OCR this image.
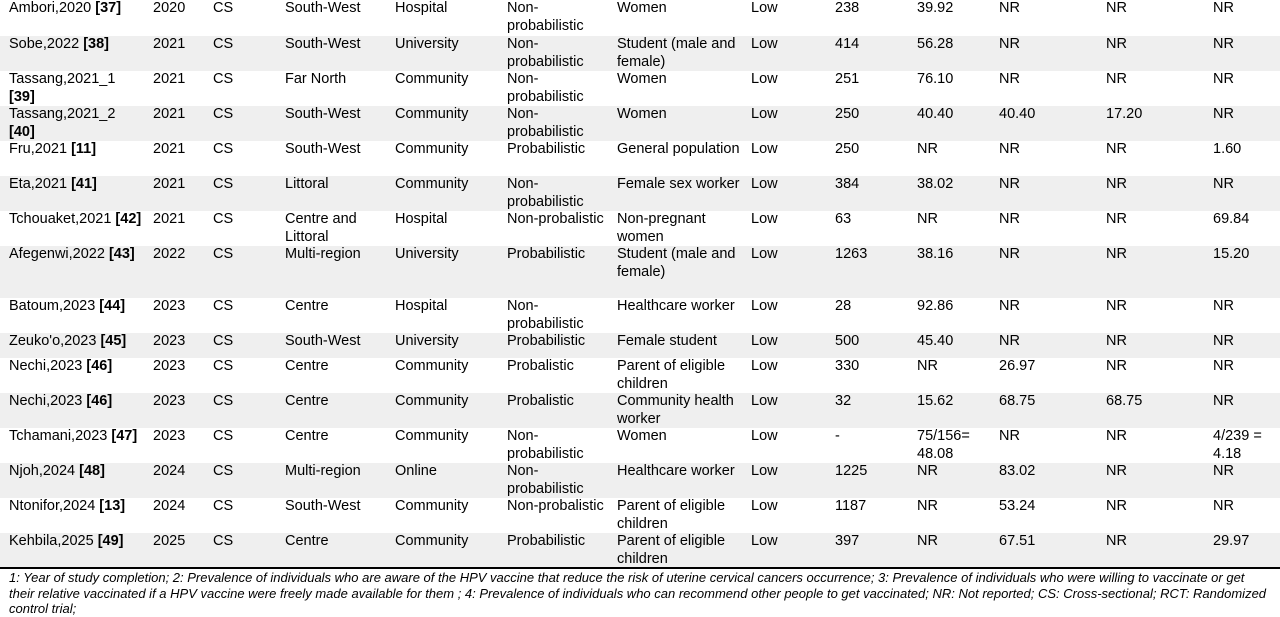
Ambori,2020 [37]	2020	CS	South-West	Hospital	Non-probabilistic	Women	Low	238	39.92	NR	NR	NR
Sobe,2022 [38]	2021	CS	South-West	University	Non-probabilistic	Student (male and female)	Low	414	56.28	NR	NR	NR
Tassang,2021_1 [39]	2021	CS	Far North	Community	Non-probabilistic	Women	Low	251	76.10	NR	NR	NR
Tassang,2021_2 [40]	2021	CS	South-West	Community	Non-probabilistic	Women	Low	250	40.40	40.40	17.20	NR
Fru,2021 [11]	2021	CS	South-West	Community	Probabilistic	General population	Low	250	NR	NR	NR	1.60
Eta,2021 [41]	2021	CS	Littoral	Community	Non-probabilistic	Female sex worker	Low	384	38.02	NR	NR	NR
Tchouaket,2021 [42]	2021	CS	Centre and Littoral	Hospital	Non-probalistic	Non-pregnant women	Low	63	NR	NR	NR	69.84
Afegenwi,2022 [43]	2022	CS	Multi-region	University	Probabilistic	Student (male and female)	Low	1263	38.16	NR	NR	15.20
Batoum,2023 [44]	2023	CS	Centre	Hospital	Non-probabilistic	Healthcare worker	Low	28	92.86	NR	NR	NR
Zeuko'o,2023 [45]	2023	CS	South-West	University	Probabilistic	Female student	Low	500	45.40	NR	NR	NR
Nechi,2023 [46]	2023	CS	Centre	Community	Probalistic	Parent of eligible children	Low	330	NR	26.97	NR	NR
Nechi,2023 [46]	2023	CS	Centre	Community	Probalistic	Community health worker	Low	32	15.62	68.75	68.75	NR
Tchamani,2023 [47]	2023	CS	Centre	Community	Non-probabilistic	Women	Low	-	75/156= 48.08	NR	NR	4/239 = 4.18
Njoh,2024 [48]	2024	CS	Multi-region	Online	Non-probabilistic	Healthcare worker	Low	1225	NR	83.02	NR	NR
Ntonifor,2024 [13]	2024	CS	South-West	Community	Non-probalistic	Parent of eligible children	Low	1187	NR	53.24	NR	NR
Kehbila,2025 [49]	2025	CS	Centre	Community	Probabilistic	Parent of eligible children	Low	397	NR	67.51	NR	29.97
1: Year of study completion; 2: Prevalence of individuals who are aware of the HPV vaccine that reduce the risk of uterine cervical cancers occurrence; 3: Prevalence of individuals who were willing to vaccinate or get their relative vaccinated if a HPV vaccine were freely made available for them ; 4: Prevalence of individuals who can recommend other people to get vaccinated; NR: Not reported; CS: Cross-sectional; RCT: Randomized control trial;
